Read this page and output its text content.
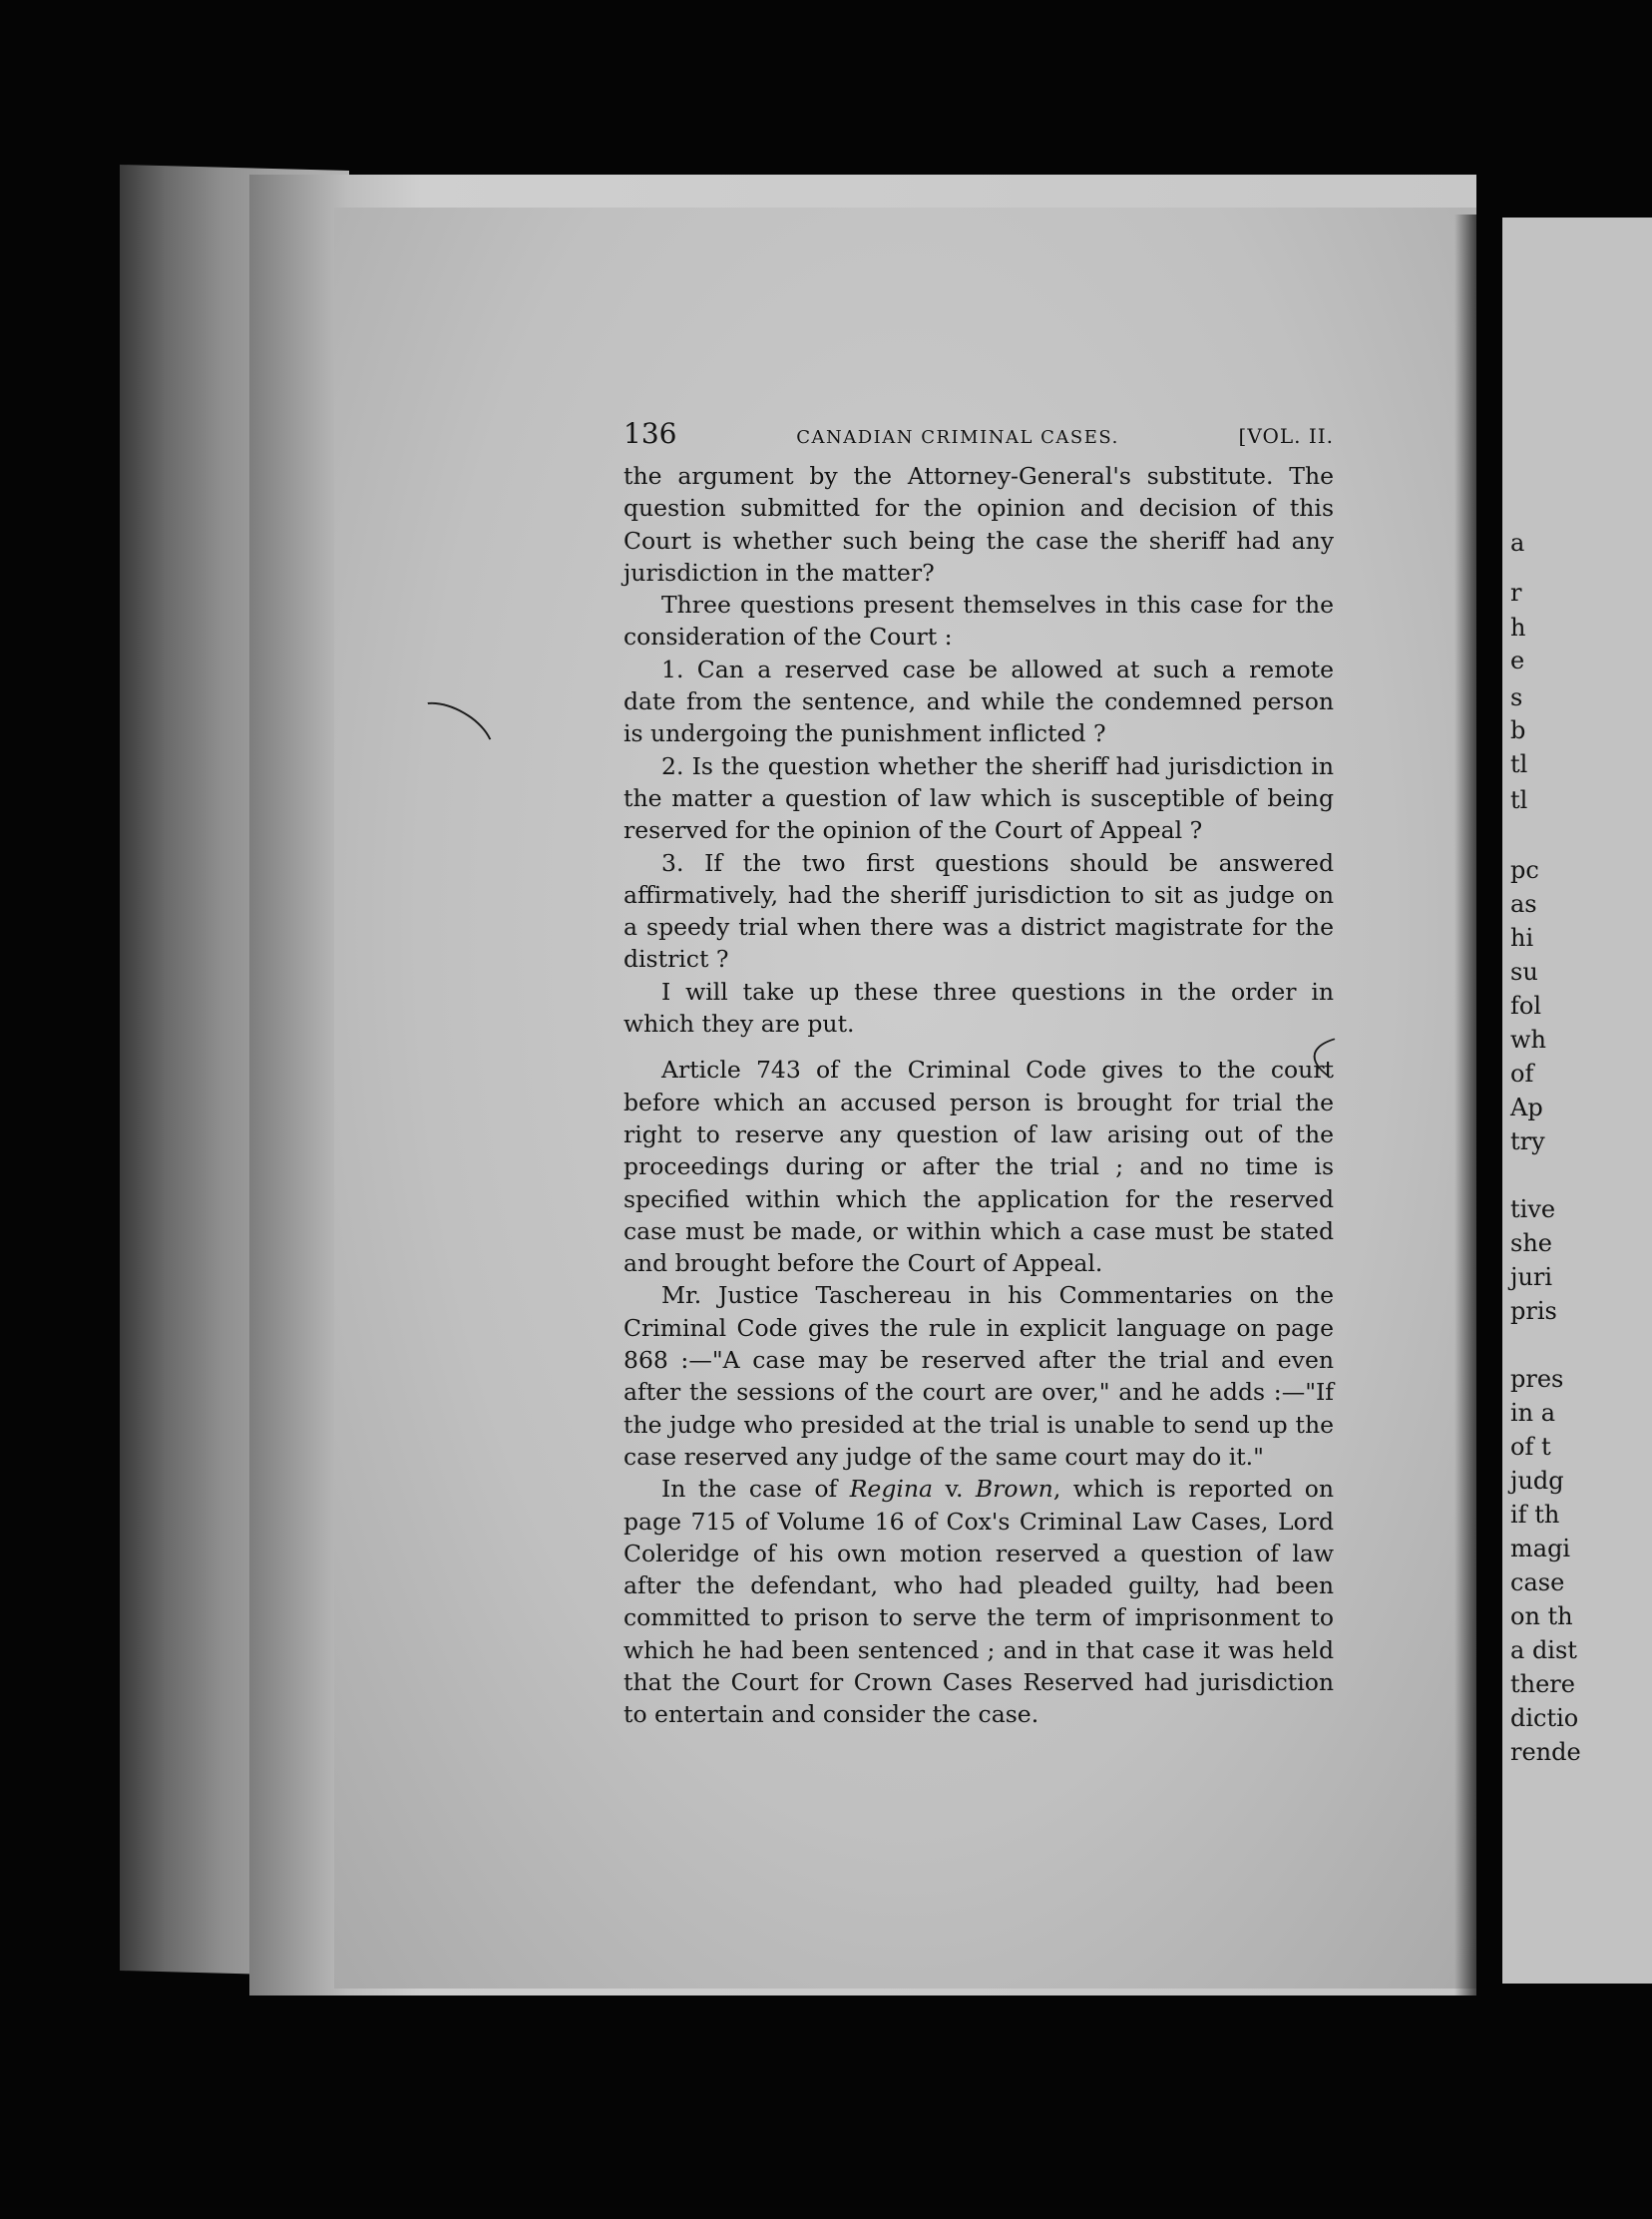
a
r
h
e
s
b
tl
tl
pc
as
hi
su
fol
wh
of
Ap
try
tive
she
juri
pris
pres
in a
of t
judg
if th
magi
case
on th
a dist
there
dictio
rende
136	CANADIAN CRIMINAL CASES.	[VOL. II.

the argument by the Attorney-General's substitute. The question submitted for the opinion and decision of this Court is whether such being the case the sheriff had any jurisdiction in the matter?

Three questions present themselves in this case for the consideration of the Court :

1. Can a reserved case be allowed at such a remote date from the sentence, and while the condemned person is undergoing the punishment inflicted ?

2. Is the question whether the sheriff had jurisdiction in the matter a question of law which is susceptible of being reserved for the opinion of the Court of Appeal ?

3. If the two first questions should be answered affirmatively, had the sheriff jurisdiction to sit as judge on a speedy trial when there was a district magistrate for the district ?

I will take up these three questions in the order in which they are put.

Article 743 of the Criminal Code gives to the court before which an accused person is brought for trial the right to reserve any question of law arising out of the proceedings during or after the trial ; and no time is specified within which the application for the reserved case must be made, or within which a case must be stated and brought before the Court of Appeal.

Mr. Justice Taschereau in his Commentaries on the Criminal Code gives the rule in explicit language on page 868 :—"A case may be reserved after the trial and even after the sessions of the court are over," and he adds :—"If the judge who presided at the trial is unable to send up the case reserved any judge of the same court may do it."

In the case of Regina v. Brown, which is reported on page 715 of Volume 16 of Cox's Criminal Law Cases, Lord Coleridge of his own motion reserved a question of law after the defendant, who had pleaded guilty, had been committed to prison to serve the term of imprisonment to which he had been sentenced ; and in that case it was held that the Court for Crown Cases Reserved had jurisdiction to entertain and consider the case.
